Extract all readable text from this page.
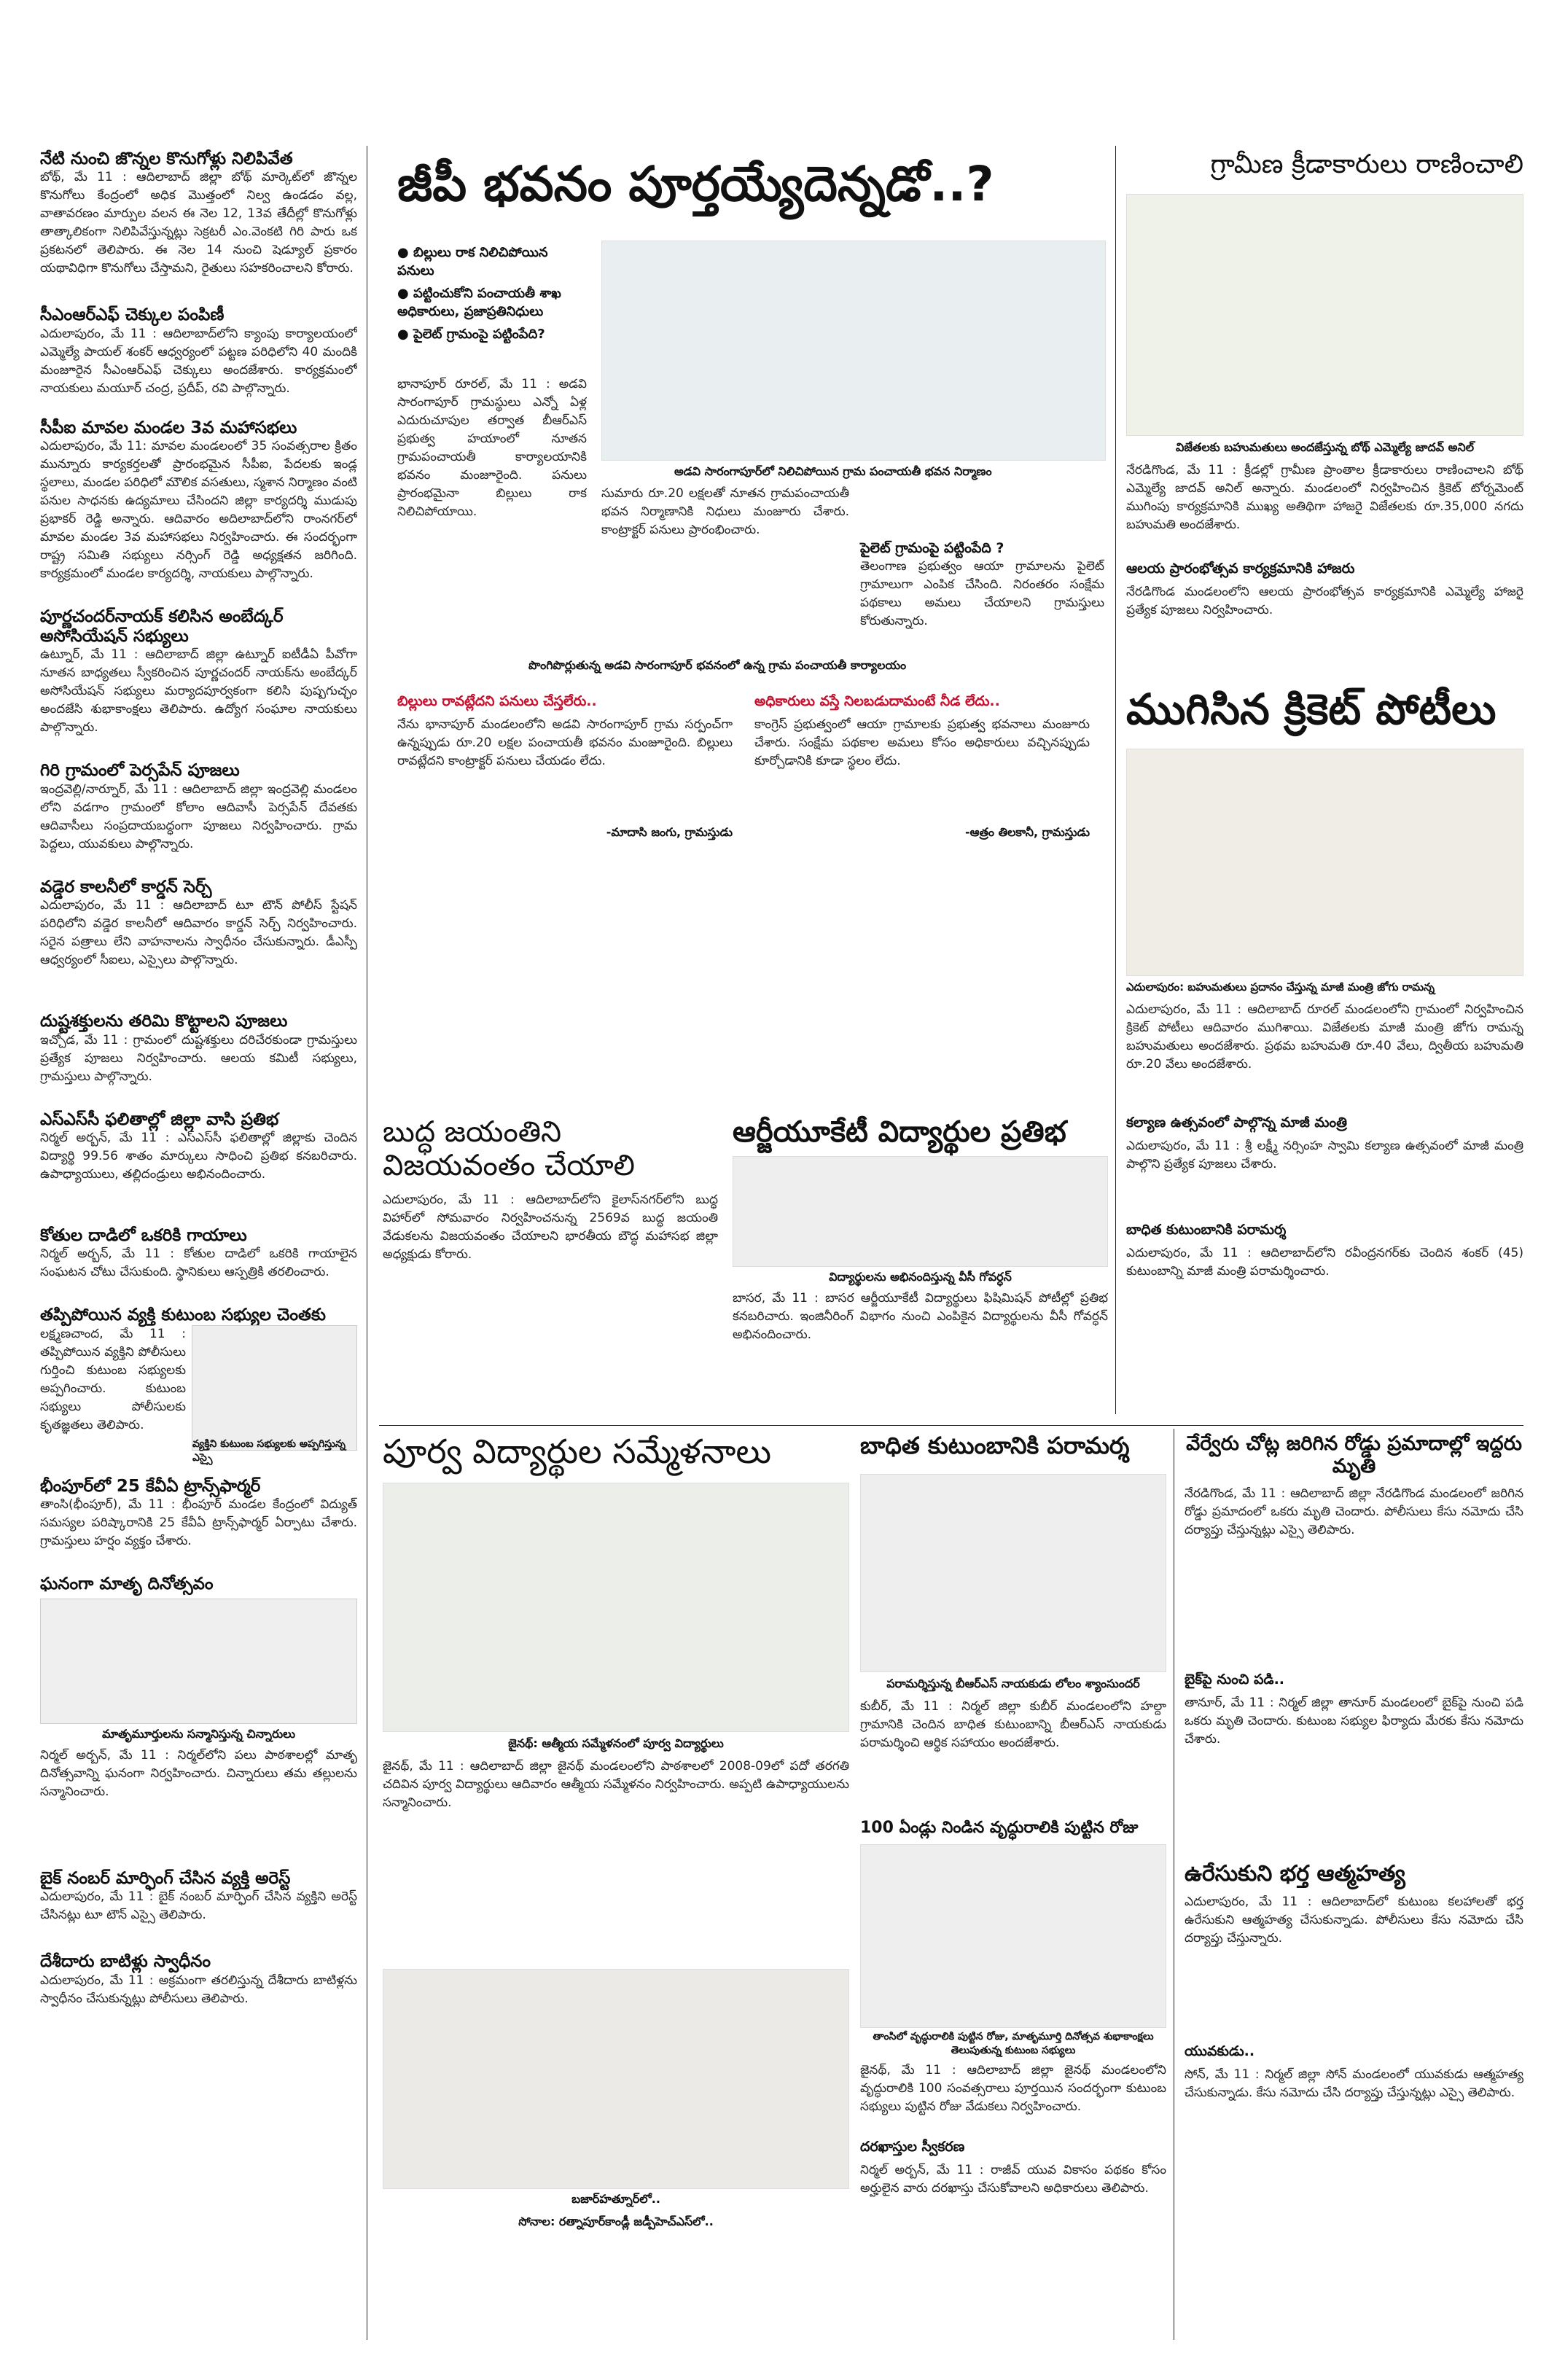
నేటి నుంచి జొన్నల కొనుగోళ్లు నిలిపివేత

బోథ్, మే 11 : ఆదిలాబాద్ జిల్లా బోథ్ మార్కెట్‌లో జొన్నల కొనుగోలు కేంద్రంలో అధిక మొత్తంలో నిల్వ ఉండడం వల్ల, వాతావరణం మార్పుల వలన ఈ నెల 12, 13వ తేదీల్లో కొనుగోళ్లు తాత్కాలికంగా నిలిపివేస్తున్నట్లు సెక్రటరీ ఎం.వెంకటి గిరి పారు ఒక ప్రకటనలో తెలిపారు. ఈ నెల 14 నుంచి షెడ్యూల్ ప్రకారం యథావిధిగా కొనుగోలు చేస్తామని, రైతులు సహకరించాలని కోరారు.

సీఎంఆర్‌ఎఫ్ చెక్కుల పంపిణీ

ఎదులాపురం, మే 11 : ఆదిలాబాద్‌లోని క్యాంపు కార్యాలయంలో ఎమ్మెల్యే పాయల్ శంకర్ ఆధ్వర్యంలో పట్టణ పరిధిలోని 40 మందికి మంజూరైన సీఎంఆర్‌ఎఫ్ చెక్కులు అందజేశారు. కార్యక్రమంలో నాయకులు మయూర్ చంద్ర, ప్రదీప్, రవి పాల్గొన్నారు.

సీపీఐ మావల మండల 3వ మహాసభలు

ఎదులాపురం, మే 11: మావల మండలంలో 35 సంవత్సరాల క్రితం మున్నూరు కార్యకర్తలతో ప్రారంభమైన సీపీఐ, పేదలకు ఇండ్ల స్థలాలు, మండల పరిధిలో మౌలిక వసతులు, స్మశాన నిర్మాణం వంటి పనుల సాధనకు ఉద్యమాలు చేసిందని జిల్లా కార్యదర్శి ముడుపు ప్రభాకర్ రెడ్డి అన్నారు. ఆదివారం అదిలాబాద్‌లోని రాంనగర్‌లో మావల మండల 3వ మహాసభలు నిర్వహించారు. ఈ సందర్భంగా రాష్ట్ర సమితి సభ్యులు నర్సింగ్ రెడ్డి అధ్యక్షతన జరిగింది. కార్యక్రమంలో మండల కార్యదర్శి, నాయకులు పాల్గొన్నారు.

పూర్ణచందర్‌నాయక్‌ కలిసిన అంబేద్కర్ అసోసియేషన్ సభ్యులు

ఉట్నూర్, మే 11 : ఆదిలాబాద్ జిల్లా ఉట్నూర్ ఐటీడీఏ పీవోగా నూతన బాధ్యతలు స్వీకరించిన పూర్ణచందర్ నాయక్‌ను అంబేద్కర్ అసోసియేషన్ సభ్యులు మర్యాదపూర్వకంగా కలిసి పుష్పగుచ్ఛం అందజేసి శుభాకాంక్షలు తెలిపారు. ఉద్యోగ సంఘాల నాయకులు పాల్గొన్నారు.

గిరి గ్రామంలో పెర్సపేన్ పూజలు

ఇంద్రవెల్లి/నార్నూర్, మే 11 : ఆదిలాబాద్ జిల్లా ఇంద్రవెల్లి మండలం లోని వడగాం గ్రామంలో కోలాం ఆదివాసీ పెర్సపేన్ దేవతకు ఆదివాసీలు సంప్రదాయబద్ధంగా పూజలు నిర్వహించారు. గ్రామ పెద్దలు, యువకులు పాల్గొన్నారు.

వడ్డెర కాలనీలో కార్డన్ సెర్చ్

ఎదులాపురం, మే 11 : ఆదిలాబాద్ టూ టౌన్ పోలీస్ స్టేషన్ పరిధిలోని వడ్డెర కాలనీలో ఆదివారం కార్డన్ సెర్చ్ నిర్వహించారు. సరైన పత్రాలు లేని వాహనాలను స్వాధీనం చేసుకున్నారు. డీఎస్పీ ఆధ్వర్యంలో సీఐలు, ఎస్సైలు పాల్గొన్నారు.

దుష్టశక్తులను తరిమి కొట్టాలని పూజలు

ఇచ్చోడ, మే 11 : గ్రామంలో దుష్టశక్తులు దరిచేరకుండా గ్రామస్తులు ప్రత్యేక పూజలు నిర్వహించారు. ఆలయ కమిటీ సభ్యులు, గ్రామస్తులు పాల్గొన్నారు.

ఎస్‌ఎస్‌సీ ఫలితాల్లో జిల్లా వాసి ప్రతిభ

నిర్మల్ అర్బన్, మే 11 : ఎస్‌ఎస్‌సీ ఫలితాల్లో జిల్లాకు చెందిన విద్యార్థి 99.56 శాతం మార్కులు సాధించి ప్రతిభ కనబరిచారు. ఉపాధ్యాయులు, తల్లిదండ్రులు అభినందించారు.

కోతుల దాడిలో ఒకరికి గాయాలు

నిర్మల్ అర్బన్, మే 11 : కోతుల దాడిలో ఒకరికి గాయాలైన సంఘటన చోటు చేసుకుంది. స్థానికులు ఆస్పత్రికి తరలించారు.

తప్పిపోయిన వ్యక్తి కుటుంబ సభ్యుల చెంతకు

లక్ష్మణచాంద, మే 11 : తప్పిపోయిన వ్యక్తిని పోలీసులు గుర్తించి కుటుంబ సభ్యులకు అప్పగించారు. కుటుంబ సభ్యులు పోలీసులకు కృతజ్ఞతలు తెలిపారు.

వ్యక్తిని కుటుంబ సభ్యులకు అప్పగిస్తున్న ఎస్సై
భీంపూర్‌లో 25 కేవీఏ ట్రాన్స్‌ఫార్మర్

తాంసి(భీంపూర్), మే 11 : భీంపూర్ మండల కేంద్రంలో విద్యుత్ సమస్యల పరిష్కారానికి 25 కేవీఏ ట్రాన్స్‌ఫార్మర్ ఏర్పాటు చేశారు. గ్రామస్తులు హర్షం వ్యక్తం చేశారు.

ఘనంగా మాతృ దినోత్సవం
మాతృమూర్తులను సన్మానిస్తున్న చిన్నారులు

నిర్మల్ అర్బన్, మే 11 : నిర్మల్‌లోని పలు పాఠశాలల్లో మాతృ దినోత్సవాన్ని ఘనంగా నిర్వహించారు. చిన్నారులు తమ తల్లులను సన్మానించారు.

బైక్ నంబర్ మార్ఫింగ్ చేసిన వ్యక్తి అరెస్ట్

ఎదులాపురం, మే 11 : బైక్ నంబర్ మార్ఫింగ్ చేసిన వ్యక్తిని అరెస్ట్ చేసినట్లు టూ టౌన్ ఎస్సై తెలిపారు.

దేశీదారు బాటిళ్లు స్వాధీనం

ఎదులాపురం, మే 11 : అక్రమంగా తరలిస్తున్న దేశీదారు బాటిళ్లను స్వాధీనం చేసుకున్నట్లు పోలీసులు తెలిపారు.

జీపీ భవనం పూర్తయ్యేదెన్నడో..?
● బిల్లులు రాక నిలిచిపోయిన పనులు
● పట్టించుకోని పంచాయతీ శాఖ అధికారులు, ప్రజాప్రతినిధులు
● పైలెట్ గ్రామంపై పట్టింపేది?

భానాపూర్ రూరల్, మే 11 : అడవి సారంగాపూర్ గ్రామస్థులు ఎన్నో ఏళ్ల ఎదురుచూపుల తర్వాత బీఆర్‌ఎస్ ప్రభుత్వ హయాంలో నూతన గ్రామపంచాయతీ కార్యాలయానికి భవనం మంజూరైంది. పనులు ప్రారంభమైనా బిల్లులు రాక నిలిచిపోయాయి.

అడవి సారంగాపూర్‌లో నిలిచిపోయిన గ్రామ పంచాయతీ భవన నిర్మాణం

సుమారు రూ.20 లక్షలతో నూతన గ్రామపంచాయతీ భవన నిర్మాణానికి నిధులు మంజూరు చేశారు. కాంట్రాక్టర్ పనులు ప్రారంభించారు.

పైలెట్ గ్రామంపై పట్టింపేది ?

తెలంగాణ ప్రభుత్వం ఆయా గ్రామాలను పైలెట్ గ్రామాలుగా ఎంపిక చేసింది. నిరంతరం సంక్షేమ పథకాలు అమలు చేయాలని గ్రామస్తులు కోరుతున్నారు.

పొంగిపొర్లుతున్న అడవి సారంగాపూర్ భవనంలో ఉన్న గ్రామ పంచాయతీ కార్యాలయం
బిల్లులు రావట్లేదని పనులు చేస్తలేరు..

నేను భానాపూర్ మండలంలోని అడవి సారంగాపూర్ గ్రామ సర్పంచ్‌గా ఉన్నప్పుడు రూ.20 లక్షల పంచాయతీ భవనం మంజూరైంది. బిల్లులు రావట్లేదని కాంట్రాక్టర్ పనులు చేయడం లేదు.

-మాదాసి జంగు, గ్రామస్తుడు
అధికారులు వస్తే నిలబడుదామంటే నీడ లేదు..

కాంగ్రెస్ ప్రభుత్వంలో ఆయా గ్రామాలకు ప్రభుత్వ భవనాలు మంజూరు చేశారు. సంక్షేమ పథకాల అమలు కోసం అధికారులు వచ్చినప్పుడు కూర్చోడానికి కూడా స్థలం లేదు.

-ఆత్రం తిలకానీ, గ్రామస్తుడు
గ్రామీణ క్రీడాకారులు రాణించాలి
విజేతలకు బహుమతులు అందజేస్తున్న బోథ్ ఎమ్మెల్యే జాదవ్ అనిల్

నేరడిగొండ, మే 11 : క్రీడల్లో గ్రామీణ ప్రాంతాల క్రీడాకారులు రాణించాలని బోథ్ ఎమ్మెల్యే జాదవ్ అనిల్ అన్నారు. మండలంలో నిర్వహించిన క్రికెట్ టోర్నమెంట్ ముగింపు కార్యక్రమానికి ముఖ్య అతిథిగా హాజరై విజేతలకు రూ.35,000 నగదు బహుమతి అందజేశారు.

ఆలయ ప్రారంభోత్సవ కార్యక్రమానికి హాజరు

నేరడిగొండ మండలంలోని ఆలయ ప్రారంభోత్సవ కార్యక్రమానికి ఎమ్మెల్యే హాజరై ప్రత్యేక పూజలు నిర్వహించారు.

ముగిసిన క్రికెట్ పోటీలు
ఎదులాపురం: బహుమతులు ప్రదానం చేస్తున్న మాజీ మంత్రి జోగు రామన్న

ఎదులాపురం, మే 11 : ఆదిలాబాద్ రూరల్ మండలంలోని గ్రామంలో నిర్వహించిన క్రికెట్ పోటీలు ఆదివారం ముగిశాయి. విజేతలకు మాజీ మంత్రి జోగు రామన్న బహుమతులు అందజేశారు. ప్రథమ బహుమతి రూ.40 వేలు, ద్వితీయ బహుమతి రూ.20 వేలు అందజేశారు.

కల్యాణ ఉత్సవంలో పాల్గొన్న మాజీ మంత్రి

ఎదులాపురం, మే 11 : శ్రీ లక్ష్మీ నర్సింహ స్వామి కల్యాణ ఉత్సవంలో మాజీ మంత్రి పాల్గొని ప్రత్యేక పూజలు చేశారు.

బాధిత కుటుంబానికి పరామర్శ

ఎదులాపురం, మే 11 : ఆదిలాబాద్‌లోని రవీంద్రనగర్‌కు చెందిన శంకర్ (45) కుటుంబాన్ని మాజీ మంత్రి పరామర్శించారు.

బుద్ధ జయంతిని విజయవంతం చేయాలి

ఎదులాపురం, మే 11 : ఆదిలాబాద్‌లోని కైలాస్‌నగర్‌లోని బుద్ధ విహార్‌లో సోమవారం నిర్వహించనున్న 2569వ బుద్ధ జయంతి వేడుకలను విజయవంతం చేయాలని భారతీయ బౌద్ధ మహాసభ జిల్లా అధ్యక్షుడు కోరారు.

ఆర్జీయూకేటీ విద్యార్థుల ప్రతిభ
విద్యార్థులను అభినందిస్తున్న వీసీ గోవర్ధన్

బాసర, మే 11 : బాసర ఆర్జీయూకేటీ విద్యార్థులు ఫిషిమిషన్ పోటీల్లో ప్రతిభ కనబరిచారు. ఇంజినీరింగ్ విభాగం నుంచి ఎంపికైన విద్యార్థులను వీసీ గోవర్ధన్ అభినందించారు.

పూర్వ విద్యార్థుల సమ్మేళనాలు
జైనథ్: ఆత్మీయ సమ్మేళనంలో పూర్వ విద్యార్థులు

జైనథ్, మే 11 : ఆదిలాబాద్ జిల్లా జైనథ్ మండలంలోని పాఠశాలలో 2008-09లో పదో తరగతి చదివిన పూర్వ విద్యార్థులు ఆదివారం ఆత్మీయ సమ్మేళనం నిర్వహించారు. అప్పటి ఉపాధ్యాయులను సన్మానించారు.

బజార్‌హత్నూర్‌లో..
సోనాల: రత్నాపూర్‌కాండ్లీ జడ్పీహెచ్‌ఎస్‌లో..
బాధిత కుటుంబానికి పరామర్శ
పరామర్శిస్తున్న బీఆర్‌ఎస్ నాయకుడు లోలం శ్యాంసుందర్

కుబీర్, మే 11 : నిర్మల్ జిల్లా కుబీర్ మండలంలోని హల్దా గ్రామానికి చెందిన బాధిత కుటుంబాన్ని బీఆర్‌ఎస్ నాయకుడు పరామర్శించి ఆర్థిక సహాయం అందజేశారు.

100 ఏండ్లు నిండిన వృద్ధురాలికి పుట్టిన రోజు
తాంసిలో వృద్ధురాలికి పుట్టిన రోజు, మాతృమూర్తి దినోత్సవ శుభాకాంక్షలు తెలుపుతున్న కుటుంబ సభ్యులు

జైనథ్, మే 11 : ఆదిలాబాద్ జిల్లా జైనథ్ మండలంలోని వృద్ధురాలికి 100 సంవత్సరాలు పూర్తయిన సందర్భంగా కుటుంబ సభ్యులు పుట్టిన రోజు వేడుకలు నిర్వహించారు.

దరఖాస్తుల స్వీకరణ

నిర్మల్ అర్బన్, మే 11 : రాజీవ్ యువ వికాసం పథకం కోసం అర్హులైన వారు దరఖాస్తు చేసుకోవాలని అధికారులు తెలిపారు.

వేర్వేరు చోట్ల జరిగిన రోడ్డు ప్రమాదాల్లో ఇద్దరు మృతి

నేరడిగొండ, మే 11 : ఆదిలాబాద్ జిల్లా నేరడిగొండ మండలంలో జరిగిన రోడ్డు ప్రమాదంలో ఒకరు మృతి చెందారు. పోలీసులు కేసు నమోదు చేసి దర్యాప్తు చేస్తున్నట్లు ఎస్సై తెలిపారు.

బైక్‌పై నుంచి పడి..

తానూర్, మే 11 : నిర్మల్ జిల్లా తానూర్ మండలంలో బైక్‌పై నుంచి పడి ఒకరు మృతి చెందారు. కుటుంబ సభ్యుల ఫిర్యాదు మేరకు కేసు నమోదు చేశారు.

ఉరేసుకుని భర్త ఆత్మహత్య

ఎదులాపురం, మే 11 : ఆదిలాబాద్‌లో కుటుంబ కలహాలతో భర్త ఉరేసుకుని ఆత్మహత్య చేసుకున్నాడు. పోలీసులు కేసు నమోదు చేసి దర్యాప్తు చేస్తున్నారు.

యువకుడు..

సోన్, మే 11 : నిర్మల్ జిల్లా సోన్ మండలంలో యువకుడు ఆత్మహత్య చేసుకున్నాడు. కేసు నమోదు చేసి దర్యాప్తు చేస్తున్నట్లు ఎస్సై తెలిపారు.
